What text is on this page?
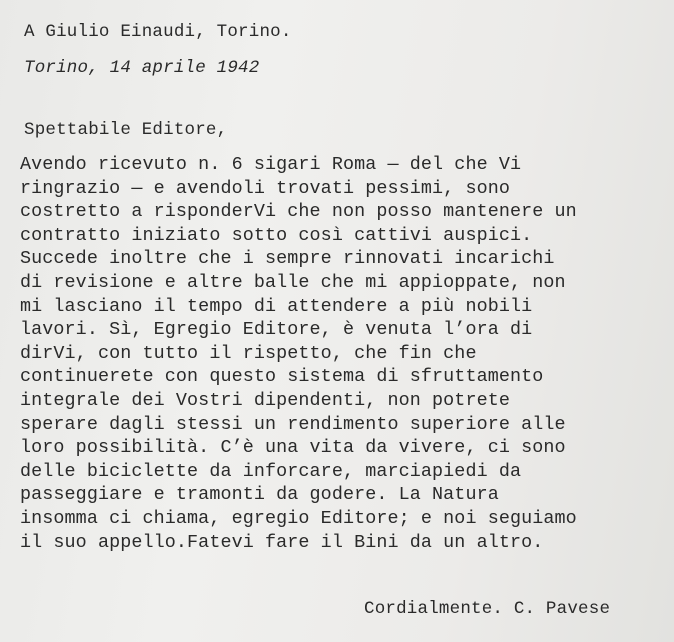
A Giulio Einaudi, Torino.
Torino, 14 aprile 1942
Spettabile Editore,
Avendo ricevuto n. 6 sigari Roma — del che Vi
ringrazio — e avendoli trovati pessimi, sono
costretto a risponderVi che non posso mantenere un
contratto iniziato sotto così cattivi auspici.
Succede inoltre che i sempre rinnovati incarichi
di revisione e altre balle che mi appioppate, non
mi lasciano il tempo di attendere a più nobili
lavori. Sì, Egregio Editore, è venuta l’ora di
dirVi, con tutto il rispetto, che fin che
continuerete con questo sistema di sfruttamento
integrale dei Vostri dipendenti, non potrete
sperare dagli stessi un rendimento superiore alle
loro possibilità. C’è una vita da vivere, ci sono
delle biciclette da inforcare, marciapiedi da
passeggiare e tramonti da godere. La Natura
insomma ci chiama, egregio Editore; e noi seguiamo
il suo appello.Fatevi fare il Bini da un altro.
Cordialmente. C. Pavese
